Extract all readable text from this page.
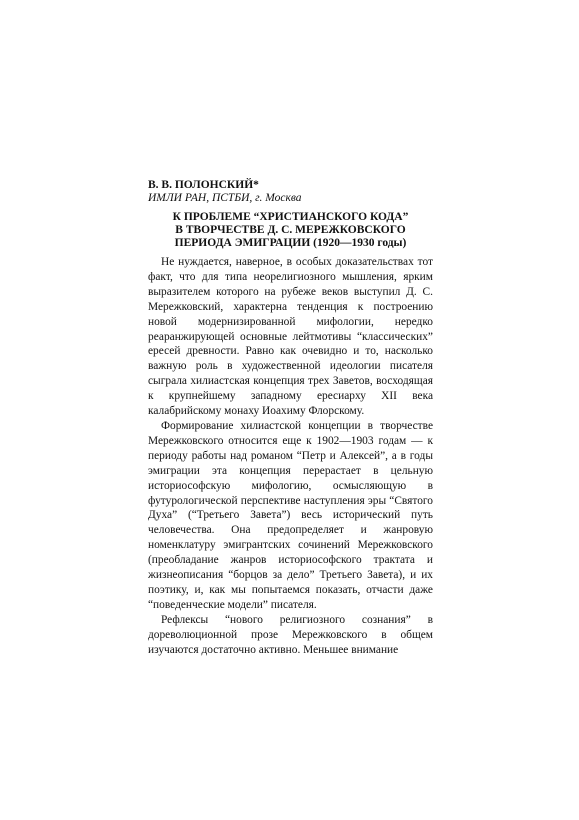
В. В. ПОЛОНСКИЙ*

ИМЛИ РАН, ПСТБИ, г. Москва

К ПРОБЛЕМЕ “ХРИСТИАНСКОГО КОДА”
В ТВОРЧЕСТВЕ Д. С. МЕРЕЖКОВСКОГО
ПЕРИОДА ЭМИГРАЦИИ (1920—1930 годы)

Не нуждается, наверное, в особых доказательствах тот факт, что для типа неорелигиозного мышления, ярким выразителем которого на рубеже веков выступил Д. С. Мережковский, характерна тенденция к построению новой модернизированной мифологии, нередко реаранжирующей основные лейтмотивы “классических” ересей древности. Равно как очевидно и то, насколько важную роль в художественной идеологии писателя сыграла хилиастская концепция трех Заветов, восходящая к крупнейшему западному ересиарху XII века калабрийскому монаху Иоахиму Флорскому.

Формирование хилиастской концепции в творчестве Мережковского относится еще к 1902—1903 годам — к периоду работы над романом “Петр и Алексей”, а в годы эмиграции эта концепция перерастает в цельную историософскую мифологию, осмысляющую в футурологической перспективе наступления эры “Святого Духа” (“Третьего Завета”) весь исторический путь человечества. Она предопределяет и жанровую номенклатуру эмигрантских сочинений Мережковского (преобладание жанров историософского трактата и жизнеописания “борцов за дело” Третьего Завета), и их поэтику, и, как мы попытаемся показать, отчасти даже “поведенческие модели” писателя.

Рефлексы “нового религиозного сознания” в дореволюционной прозе Мережковского в общем изучаются достаточно активно. Меньшее внимание
